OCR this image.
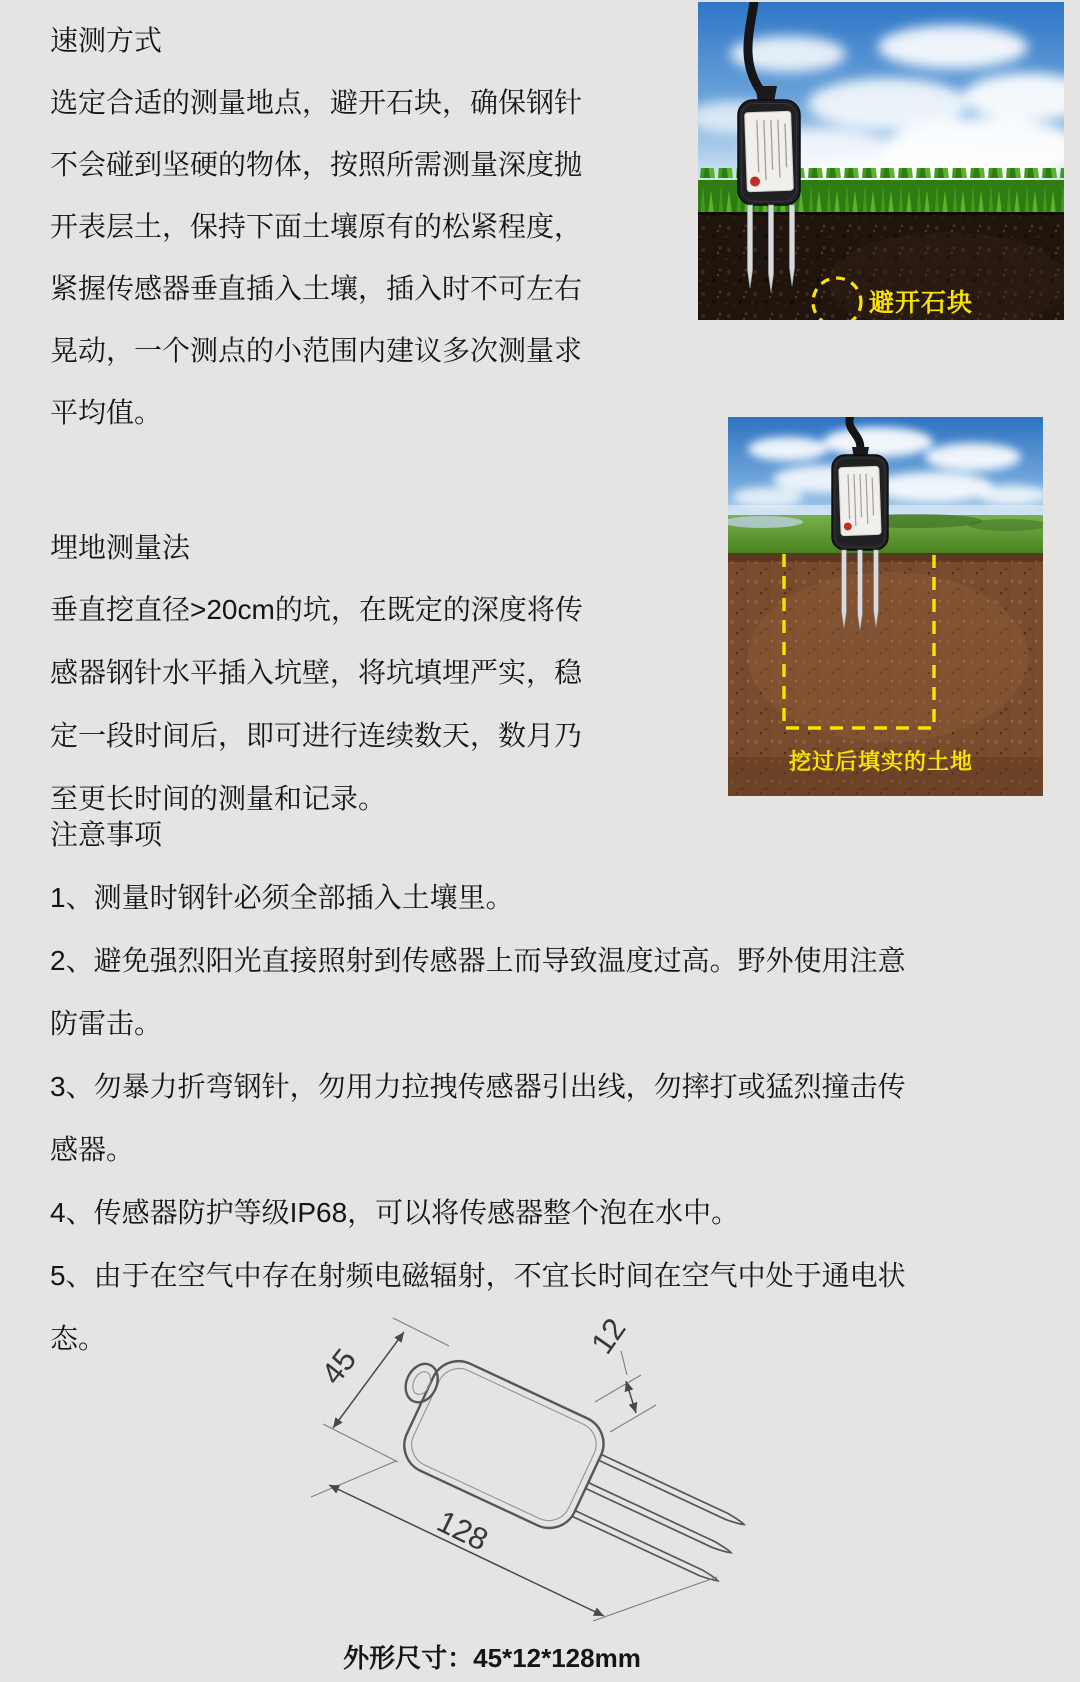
速测方式
选定合适的测量地点，避开石块，确保钢针
不会碰到坚硬的物体，按照所需测量深度抛
开表层土，保持下面土壤原有的松紧程度，
紧握传感器垂直插入土壤，插入时不可左右
晃动，一个测点的小范围内建议多次测量求
平均值。
避开石块
埋地测量法
垂直挖直径>20cm的坑，在既定的深度将传
感器钢针水平插入坑壁，将坑填埋严实，稳
定一段时间后，即可进行连续数天，数月乃
至更长时间的测量和记录。
挖过后填实的土地
注意事项
1、测量时钢针必须全部插入土壤里。
2、避免强烈阳光直接照射到传感器上而导致温度过高。野外使用注意
防雷击。
3、勿暴力折弯钢针，勿用力拉拽传感器引出线，勿摔打或猛烈撞击传
感器。
4、传感器防护等级IP68，可以将传感器整个泡在水中。
5、由于在空气中存在射频电磁辐射，不宜长时间在空气中处于通电状
态。
45
12
128
外形尺寸：45*12*128mm
